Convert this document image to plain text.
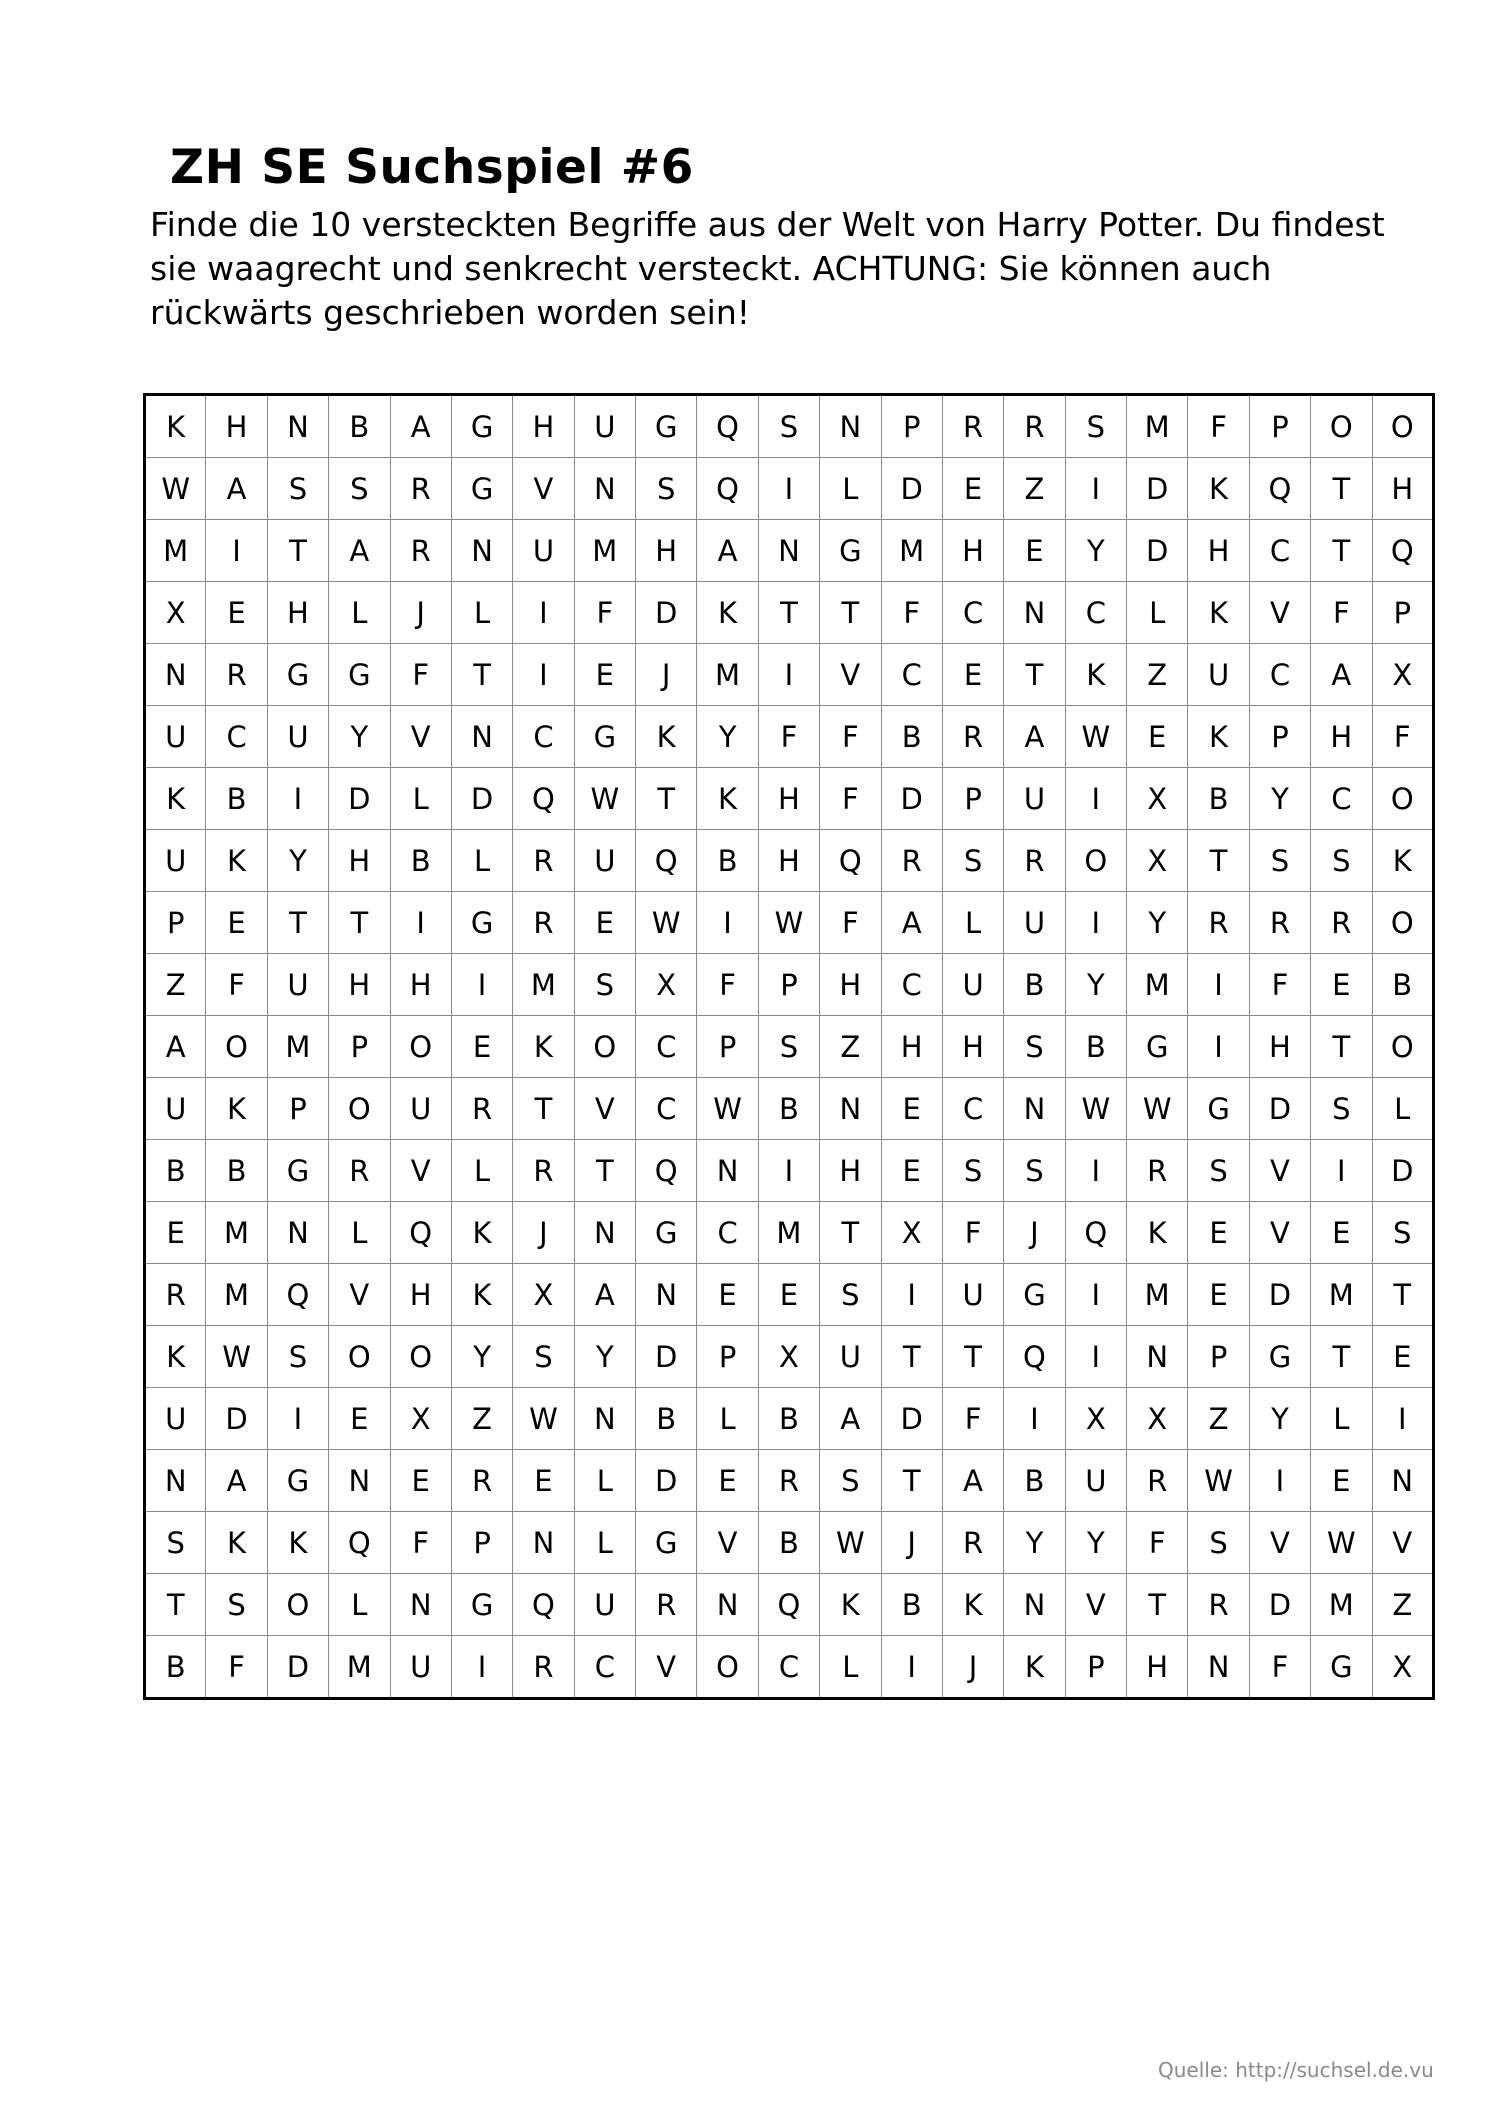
ZH SE Suchspiel #6
Finde die 10 versteckten Begriffe aus der Welt von Harry Potter. Du findest
sie waagrecht und senkrecht versteckt. ACHTUNG: Sie können auch
rückwärts geschrieben worden sein!
K	H	N	B	A	G	H	U	G	Q	S	N	P	R	R	S	M	F	P	O	O
W	A	S	S	R	G	V	N	S	Q	I	L	D	E	Z	I	D	K	Q	T	H
M	I	T	A	R	N	U	M	H	A	N	G	M	H	E	Y	D	H	C	T	Q
X	E	H	L	J	L	I	F	D	K	T	T	F	C	N	C	L	K	V	F	P
N	R	G	G	F	T	I	E	J	M	I	V	C	E	T	K	Z	U	C	A	X
U	C	U	Y	V	N	C	G	K	Y	F	F	B	R	A	W	E	K	P	H	F
K	B	I	D	L	D	Q	W	T	K	H	F	D	P	U	I	X	B	Y	C	O
U	K	Y	H	B	L	R	U	Q	B	H	Q	R	S	R	O	X	T	S	S	K
P	E	T	T	I	G	R	E	W	I	W	F	A	L	U	I	Y	R	R	R	O
Z	F	U	H	H	I	M	S	X	F	P	H	C	U	B	Y	M	I	F	E	B
A	O	M	P	O	E	K	O	C	P	S	Z	H	H	S	B	G	I	H	T	O
U	K	P	O	U	R	T	V	C	W	B	N	E	C	N	W	W	G	D	S	L
B	B	G	R	V	L	R	T	Q	N	I	H	E	S	S	I	R	S	V	I	D
E	M	N	L	Q	K	J	N	G	C	M	T	X	F	J	Q	K	E	V	E	S
R	M	Q	V	H	K	X	A	N	E	E	S	I	U	G	I	M	E	D	M	T
K	W	S	O	O	Y	S	Y	D	P	X	U	T	T	Q	I	N	P	G	T	E
U	D	I	E	X	Z	W	N	B	L	B	A	D	F	I	X	X	Z	Y	L	I
N	A	G	N	E	R	E	L	D	E	R	S	T	A	B	U	R	W	I	E	N
S	K	K	Q	F	P	N	L	G	V	B	W	J	R	Y	Y	F	S	V	W	V
T	S	O	L	N	G	Q	U	R	N	Q	K	B	K	N	V	T	R	D	M	Z
B	F	D	M	U	I	R	C	V	O	C	L	I	J	K	P	H	N	F	G	X
Quelle: http://suchsel.de.vu
